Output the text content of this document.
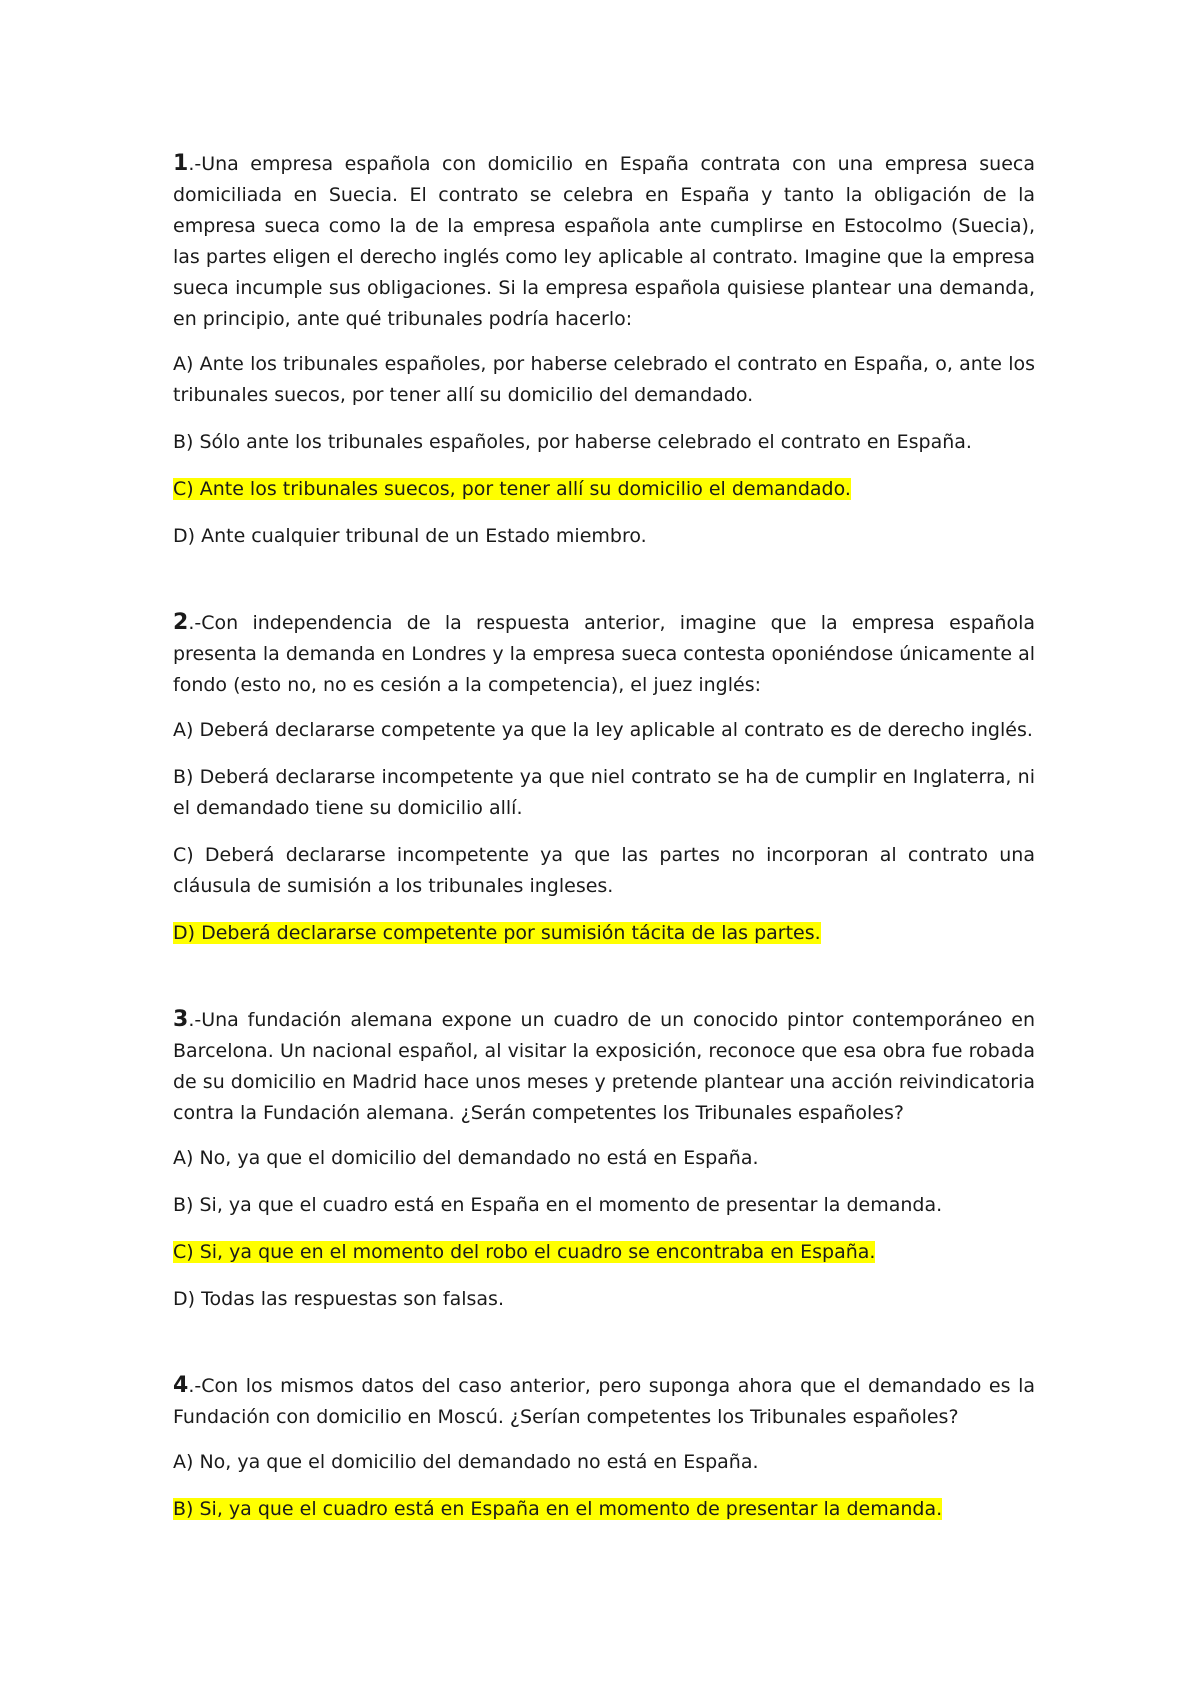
1.-Una empresa española con domicilio en España contrata con una empresa sueca domiciliada en Suecia. El contrato se celebra en España y tanto la obligación de la empresa sueca como la de la empresa española ante cumplirse en Estocolmo (Suecia), las partes eligen el derecho inglés como ley aplicable al contrato. Imagine que la empresa sueca incumple sus obligaciones. Si la empresa española quisiese plantear una demanda, en principio, ante qué tribunales podría hacerlo:

A) Ante los tribunales españoles, por haberse celebrado el contrato en España, o, ante los tribunales suecos, por tener allí su domicilio del demandado.

B) Sólo ante los tribunales españoles, por haberse celebrado el contrato en España.

C) Ante los tribunales suecos, por tener allí su domicilio el demandado.

D) Ante cualquier tribunal de un Estado miembro.

2.-Con independencia de la respuesta anterior, imagine que la empresa española presenta la demanda en Londres y la empresa sueca contesta oponiéndose únicamente al fondo (esto no, no es cesión a la competencia), el juez inglés:

A) Deberá declararse competente ya que la ley aplicable al contrato es de derecho inglés.

B) Deberá declararse incompetente ya que niel contrato se ha de cumplir en Inglaterra, ni el demandado tiene su domicilio allí.

C) Deberá declararse incompetente ya que las partes no incorporan al contrato una cláusula de sumisión a los tribunales ingleses.

D) Deberá declararse competente por sumisión tácita de las partes.

3.-Una fundación alemana expone un cuadro de un conocido pintor contemporáneo en Barcelona. Un nacional español, al visitar la exposición, reconoce que esa obra fue robada de su domicilio en Madrid hace unos meses y pretende plantear una acción reivindicatoria contra la Fundación alemana. ¿Serán competentes los Tribunales españoles?

A) No, ya que el domicilio del demandado no está en España.

B) Si, ya que el cuadro está en España en el momento de presentar la demanda.

C) Si, ya que en el momento del robo el cuadro se encontraba en España.

D) Todas las respuestas son falsas.

4.-Con los mismos datos del caso anterior, pero suponga ahora que el demandado es la Fundación con domicilio en Moscú. ¿Serían competentes los Tribunales españoles?

A) No, ya que el domicilio del demandado no está en España.

B) Si, ya que el cuadro está en España en el momento de presentar la demanda.
